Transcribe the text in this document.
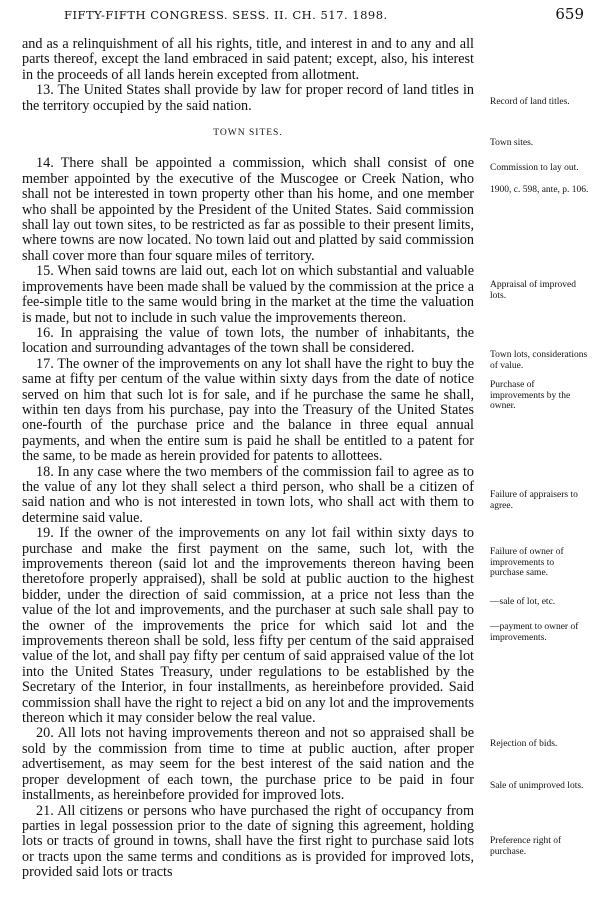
FIFTY-FIFTH CONGRESS. SESS. II. CH. 517. 1898.	659

and as a relinquishment of all his rights, title, and interest in and to any and all parts thereof, except the land embraced in said patent; except, also, his interest in the proceeds of all lands herein excepted from allotment.

13. The United States shall provide by law for proper record of land titles in the territory occupied by the said nation.

TOWN SITES.

14. There shall be appointed a commission, which shall consist of one member appointed by the executive of the Muscogee or Creek Nation, who shall not be interested in town property other than his home, and one member who shall be appointed by the President of the United States. Said commission shall lay out town sites, to be restricted as far as possible to their present limits, where towns are now located. No town laid out and platted by said commission shall cover more than four square miles of territory.

15. When said towns are laid out, each lot on which substantial and valuable improvements have been made shall be valued by the commission at the price a fee-simple title to the same would bring in the market at the time the valuation is made, but not to include in such value the improvements thereon.

16. In appraising the value of town lots, the number of inhabitants, the location and surrounding advantages of the town shall be considered.

17. The owner of the improvements on any lot shall have the right to buy the same at fifty per centum of the value within sixty days from the date of notice served on him that such lot is for sale, and if he purchase the same he shall, within ten days from his purchase, pay into the Treasury of the United States one-fourth of the purchase price and the balance in three equal annual payments, and when the entire sum is paid he shall be entitled to a patent for the same, to be made as herein provided for patents to allottees.

18. In any case where the two members of the commission fail to agree as to the value of any lot they shall select a third person, who shall be a citizen of said nation and who is not interested in town lots, who shall act with them to determine said value.

19. If the owner of the improvements on any lot fail within sixty days to purchase and make the first payment on the same, such lot, with the improvements thereon (said lot and the improvements thereon having been theretofore properly appraised), shall be sold at public auction to the highest bidder, under the direction of said commission, at a price not less than the value of the lot and improvements, and the purchaser at such sale shall pay to the owner of the improvements the price for which said lot and the improvements thereon shall be sold, less fifty per centum of the said appraised value of the lot, and shall pay fifty per centum of said appraised value of the lot into the United States Treasury, under regulations to be established by the Secretary of the Interior, in four installments, as hereinbefore provided. Said commission shall have the right to reject a bid on any lot and the improvements thereon which it may consider below the real value.

20. All lots not having improvements thereon and not so appraised shall be sold by the commission from time to time at public auction, after proper advertisement, as may seem for the best interest of the said nation and the proper development of each town, the purchase price to be paid in four installments, as hereinbefore provided for improved lots.

21. All citizens or persons who have purchased the right of occupancy from parties in legal possession prior to the date of signing this agreement, holding lots or tracts of ground in towns, shall have the first right to purchase said lots or tracts upon the same terms and conditions as is provided for improved lots, provided said lots or tracts

Record of land titles.
Town sites.
Commission to lay out.
1900, c. 598, ante, p. 106.
Appraisal of improved lots.
Town lots, considerations of value.
Purchase of improvements by the owner.
Failure of appraisers to agree.
Failure of owner of improvements to purchase same.
—sale of lot, etc.
—payment to owner of improvements.
Rejection of bids.
Sale of unimproved lots.
Preference right of purchase.
